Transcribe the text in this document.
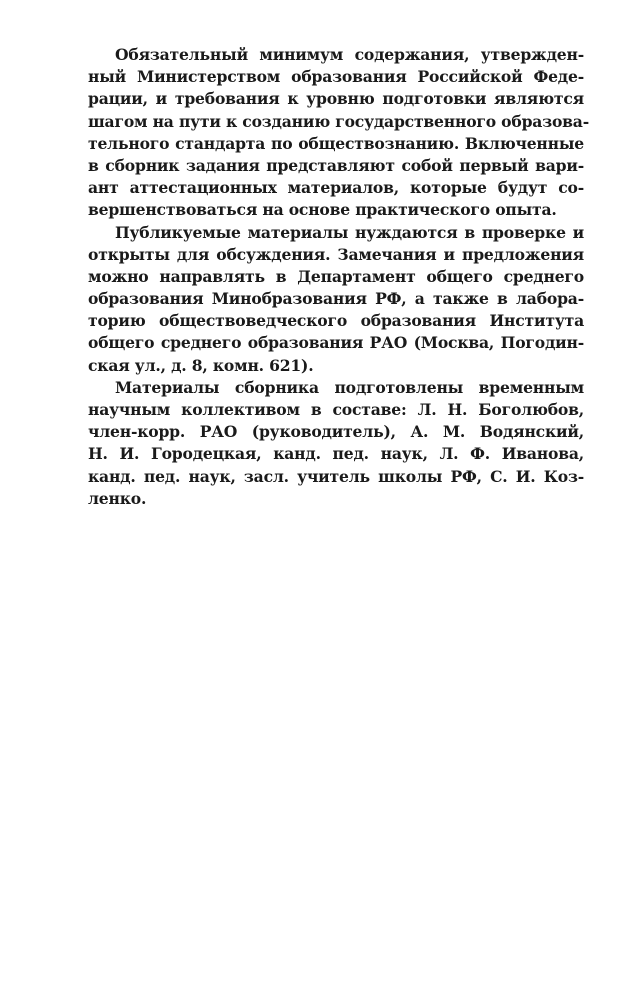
Обязательный минимум содержания, утвержден-
ный Министерством образования Российской Феде-
рации, и требования к уровню подготовки являются
шагом на пути к созданию государственного образова-
тельного стандарта по обществознанию. Включенные
в сборник задания представляют собой первый вари-
ант аттестационных материалов, которые будут со-
вершенствоваться на основе практического опыта.
Публикуемые материалы нуждаются в проверке и
открыты для обсуждения. Замечания и предложения
можно направлять в Департамент общего среднего
образования Минобразования РФ, а также в лабора-
торию обществоведческого образования Института
общего среднего образования РАО (Москва, Погодин-
ская ул., д. 8, комн. 621).
Материалы сборника подготовлены временным
научным коллективом в составе: Л. Н. Боголюбов,
член-корр. РАО (руководитель), А. М. Водянский,
Н. И. Городецкая, канд. пед. наук, Л. Ф. Иванова,
канд. пед. наук, засл. учитель школы РФ, С. И. Коз-
ленко.
